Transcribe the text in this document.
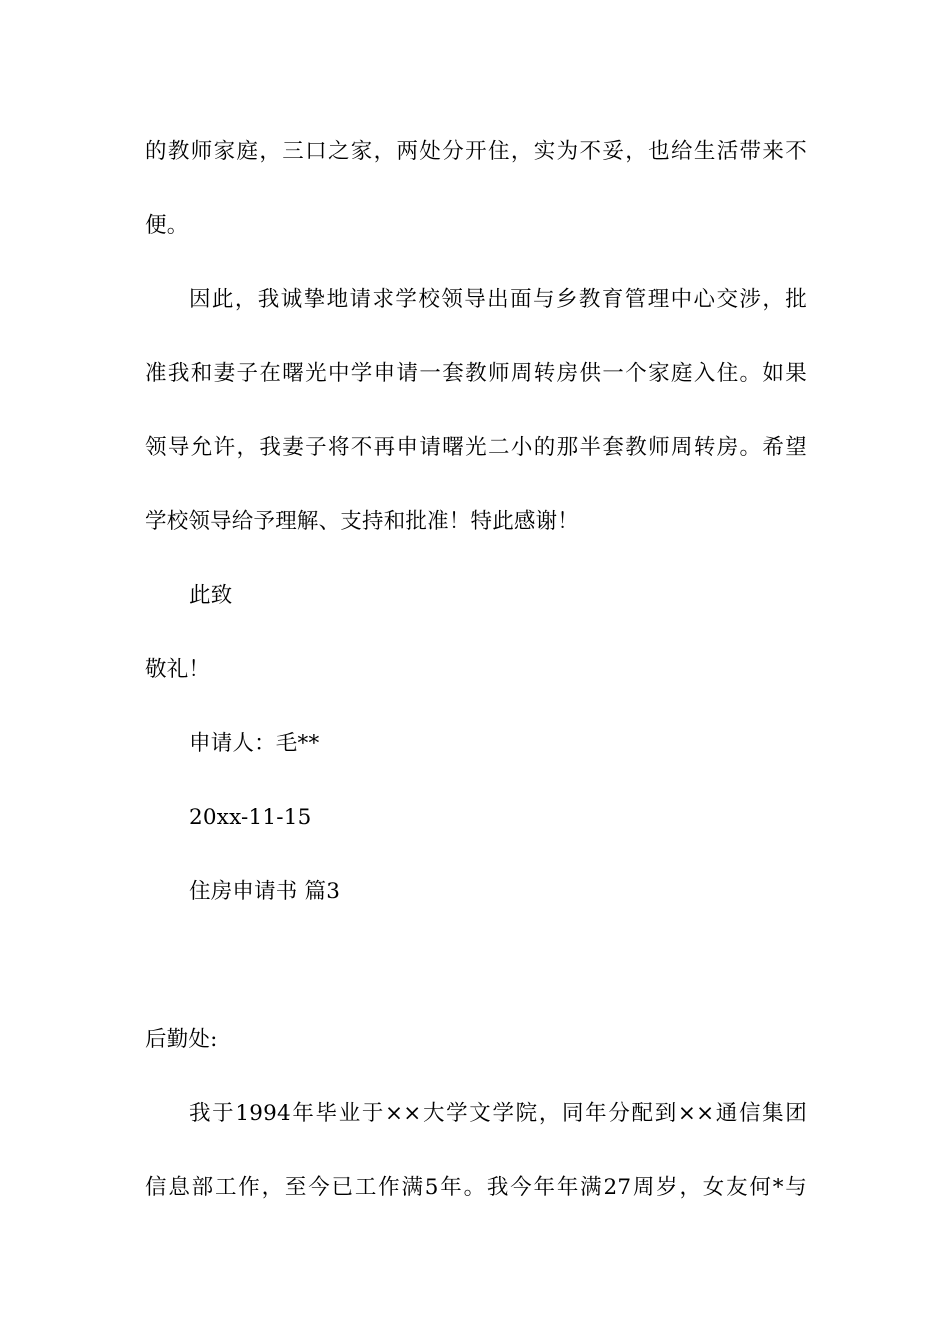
的教师家庭，三口之家，两处分开住，实为不妥，也给生活带来不
便。
因此，我诚挚地请求学校领导出面与乡教育管理中心交涉，批
准我和妻子在曙光中学申请一套教师周转房供一个家庭入住。如果
领导允许，我妻子将不再申请曙光二小的那半套教师周转房。希望
学校领导给予理解、支持和批准！特此感谢！
此致
敬礼！
申请人：毛**
20xx-11-15
住房申请书 篇3
后勤处:
我于1994年毕业于××大学文学院，同年分配到××通信集团
信息部工作，至今已工作满5年。我今年年满27周岁，女友何*与
